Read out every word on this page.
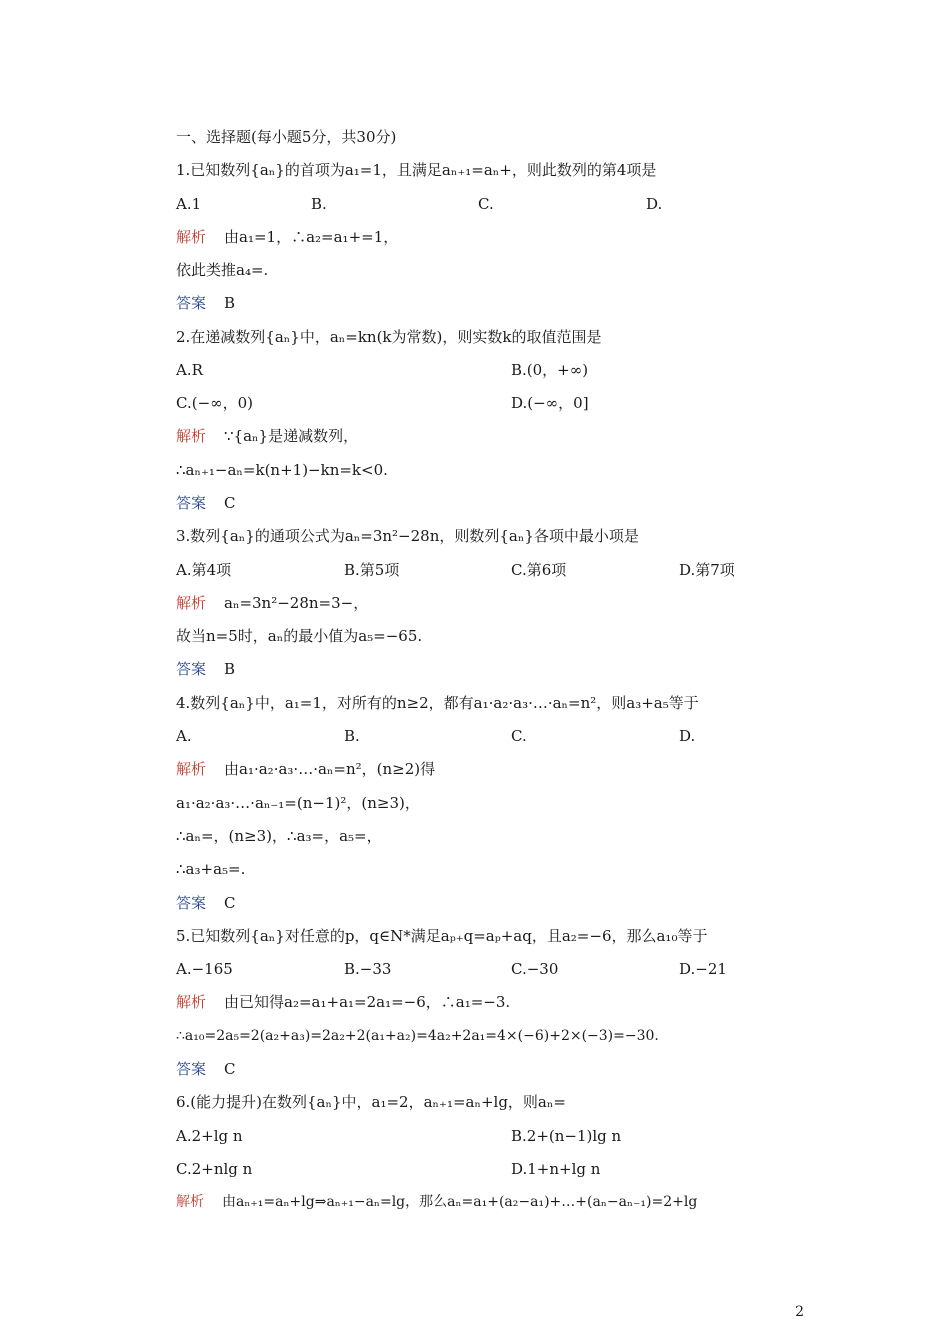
一、选择题(每小题5分，共30分)
1.已知数列{aₙ}的首项为a₁=1，且满足aₙ₊₁=aₙ+，则此数列的第4项是
A.1	B.	C.	D.
解析 由a₁=1，∴a₂=a₁+=1，
依此类推a₄=.
答案 B
2.在递减数列{aₙ}中，aₙ=kn(k为常数)，则实数k的取值范围是
A.R	B.(0，+∞)
C.(−∞，0)	D.(−∞，0]
解析 ∵{aₙ}是递减数列，
∴aₙ₊₁−aₙ=k(n+1)−kn=k<0.
答案 C
3.数列{aₙ}的通项公式为aₙ=3n²−28n，则数列{aₙ}各项中最小项是
A.第4项	B.第5项	C.第6项	D.第7项
解析 aₙ=3n²−28n=3−，
故当n=5时，aₙ的最小值为a₅=−65.
答案 B
4.数列{aₙ}中，a₁=1，对所有的n≥2，都有a₁·a₂·a₃·…·aₙ=n²，则a₃+a₅等于
A.	B.	C.	D.
解析 由a₁·a₂·a₃·…·aₙ=n²，(n≥2)得
a₁·a₂·a₃·…·aₙ₋₁=(n−1)²，(n≥3)，
∴aₙ=，(n≥3)，∴a₃=，a₅=，
∴a₃+a₅=.
答案 C
5.已知数列{aₙ}对任意的p，q∈N*满足aₚ₊q=aₚ+aq，且a₂=−6，那么a₁₀等于
A.−165	B.−33	C.−30	D.−21
解析 由已知得a₂=a₁+a₁=2a₁=−6，∴a₁=−3.
∴a₁₀=2a₅=2(a₂+a₃)=2a₂+2(a₁+a₂)=4a₂+2a₁=4×(−6)+2×(−3)=−30.
答案 C
6.(能力提升)在数列{aₙ}中，a₁=2，aₙ₊₁=aₙ+lg，则aₙ=
A.2+lg n	B.2+(n−1)lg n
C.2+nlg n	D.1+n+lg n
解析 由aₙ₊₁=aₙ+lg⇒aₙ₊₁−aₙ=lg，那么aₙ=a₁+(a₂−a₁)+…+(aₙ−aₙ₋₁)=2+lg
2
